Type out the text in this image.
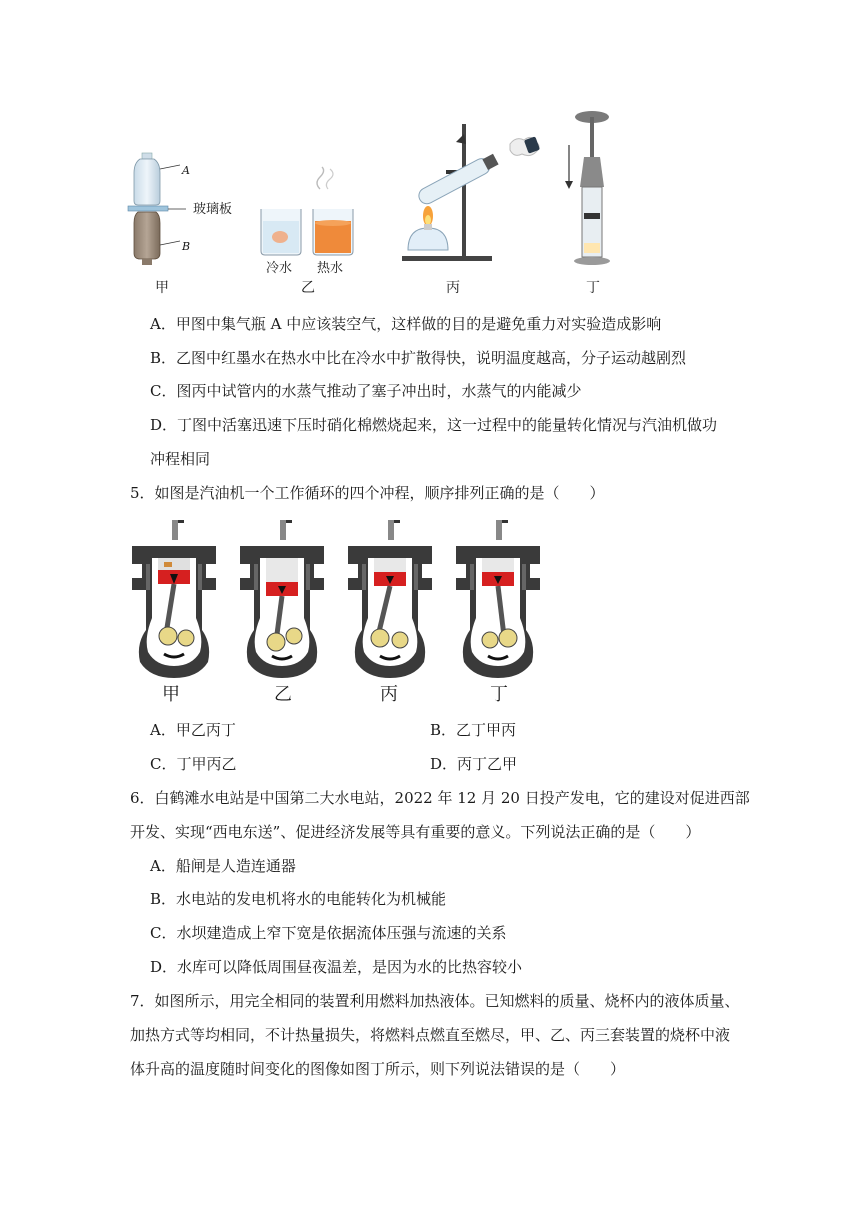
A
玻璃板
B
甲
冷水 热水
乙	丙	丁
A．甲图中集气瓶 A 中应该装空气，这样做的目的是避免重力对实验造成影响
B．乙图中红墨水在热水中比在冷水中扩散得快，说明温度越高，分子运动越剧烈
C．图丙中试管内的水蒸气推动了塞子冲出时，水蒸气的内能减少
D．丁图中活塞迅速下压时硝化棉燃烧起来，这一过程中的能量转化情况与汽油机做功
冲程相同
5．如图是汽油机一个工作循环的四个冲程，顺序排列正确的是（　　）
甲	乙	丙	丁
A．甲乙丙丁	B．乙丁甲丙
C．丁甲丙乙	D．丙丁乙甲
6．白鹤滩水电站是中国第二大水电站，2022 年 12 月 20 日投产发电，它的建设对促进西部
开发、实现“西电东送”、促进经济发展等具有重要的意义。下列说法正确的是（　　）
A．船闸是人造连通器
B．水电站的发电机将水的电能转化为机械能
C．水坝建造成上窄下宽是依据流体压强与流速的关系
D．水库可以降低周围昼夜温差，是因为水的比热容较小
7．如图所示，用完全相同的装置利用燃料加热液体。已知燃料的质量、烧杯内的液体质量、
加热方式等均相同，不计热量损失，将燃料点燃直至燃尽，甲、乙、丙三套装置的烧杯中液
体升高的温度随时间变化的图像如图丁所示，则下列说法错误的是（　　）
